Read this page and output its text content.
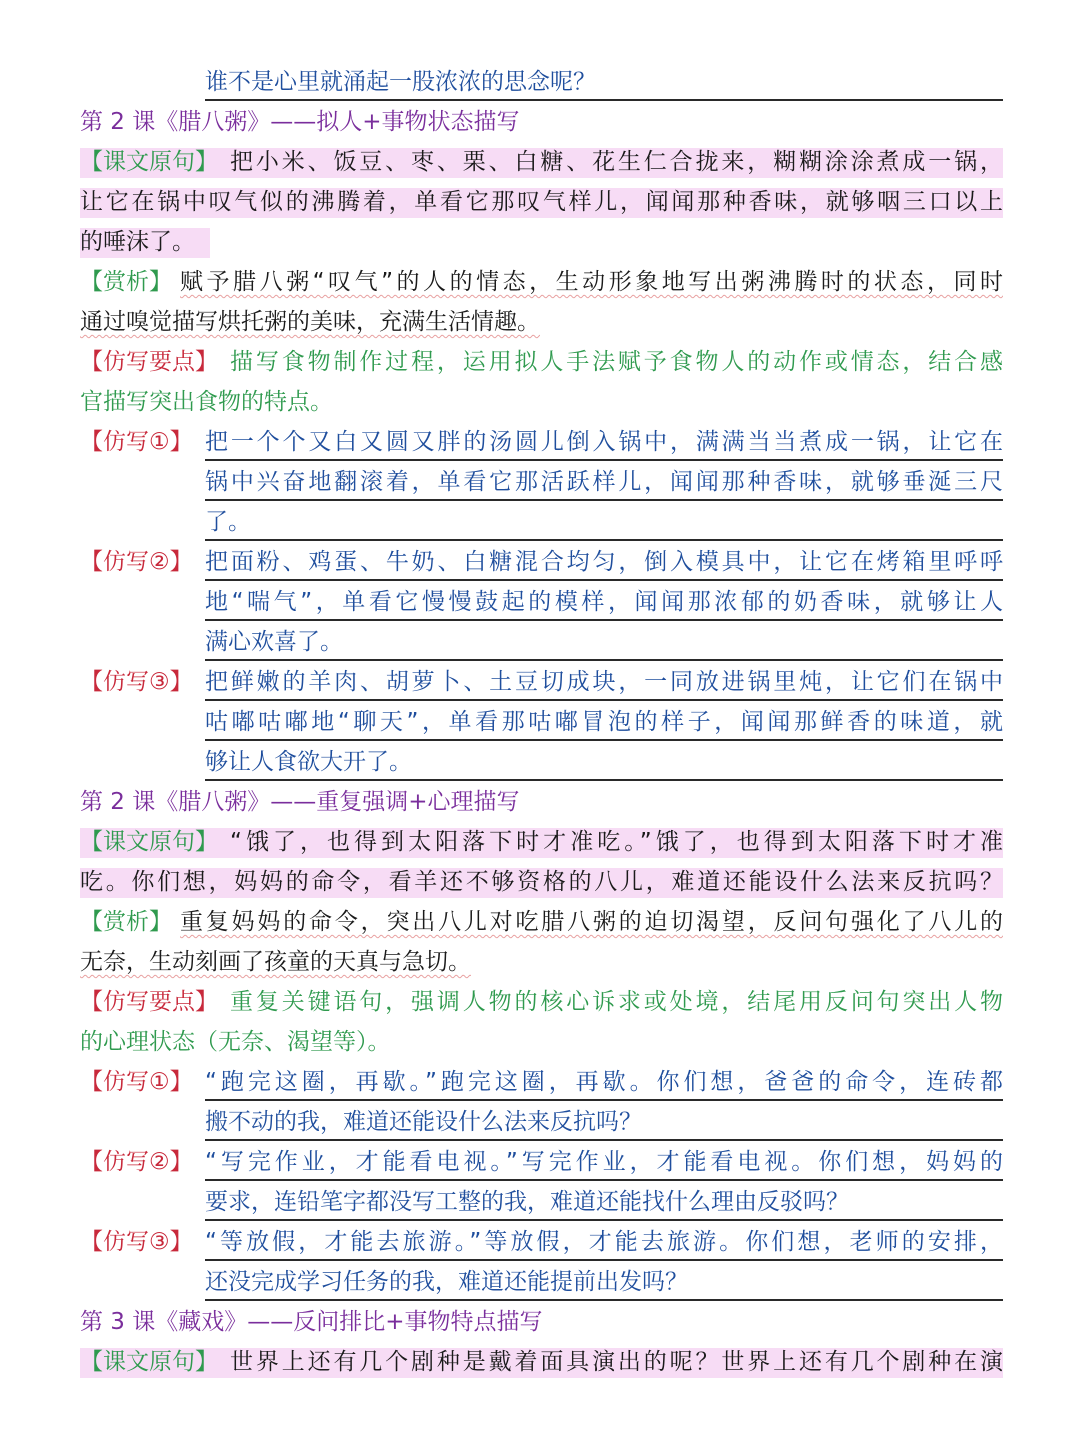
谁不是心里就涌起一股浓浓的思念呢？
第 2 课《腊八粥》——拟人+事物状态描写
【课文原句】 把小米、饭豆、枣、栗、白糖、花生仁合拢来，糊糊涂涂煮成一锅，
让它在锅中叹气似的沸腾着，单看它那叹气样儿，闻闻那种香味，就够咽三口以上
的唾沫了。
【赏析】 赋予腊八粥“叹气”的人的情态，生动形象地写出粥沸腾时的状态，同时
通过嗅觉描写烘托粥的美味，充满生活情趣。
【仿写要点】 描写食物制作过程，运用拟人手法赋予食物人的动作或情态，结合感
官描写突出食物的特点。
【仿写①】 把一个个又白又圆又胖的汤圆儿倒入锅中，满满当当煮成一锅，让它在
锅中兴奋地翻滚着，单看它那活跃样儿，闻闻那种香味，就够垂涎三尺
了。
【仿写②】 把面粉、鸡蛋、牛奶、白糖混合均匀，倒入模具中，让它在烤箱里呼呼
地“喘气”，单看它慢慢鼓起的模样，闻闻那浓郁的奶香味，就够让人
满心欢喜了。
【仿写③】 把鲜嫩的羊肉、胡萝卜、土豆切成块，一同放进锅里炖，让它们在锅中
咕嘟咕嘟地“聊天”，单看那咕嘟冒泡的样子，闻闻那鲜香的味道，就
够让人食欲大开了。
第 2 课《腊八粥》——重复强调+心理描写
【课文原句】 “饿了，也得到太阳落下时才准吃。”饿了，也得到太阳落下时才准
吃。你们想，妈妈的命令，看羊还不够资格的八儿，难道还能设什么法来反抗吗？
【赏析】 重复妈妈的命令，突出八儿对吃腊八粥的迫切渴望，反问句强化了八儿的
无奈，生动刻画了孩童的天真与急切。
【仿写要点】 重复关键语句，强调人物的核心诉求或处境，结尾用反问句突出人物
的心理状态（无奈、渴望等）。
【仿写①】 “跑完这圈，再歇。”跑完这圈，再歇。你们想，爸爸的命令，连砖都
搬不动的我，难道还能设什么法来反抗吗？
【仿写②】 “写完作业，才能看电视。”写完作业，才能看电视。你们想，妈妈的
要求，连铅笔字都没写工整的我，难道还能找什么理由反驳吗？
【仿写③】 “等放假，才能去旅游。”等放假，才能去旅游。你们想，老师的安排，
还没完成学习任务的我，难道还能提前出发吗？
第 3 课《藏戏》——反问排比+事物特点描写
【课文原句】 世界上还有几个剧种是戴着面具演出的呢？世界上还有几个剧种在演
